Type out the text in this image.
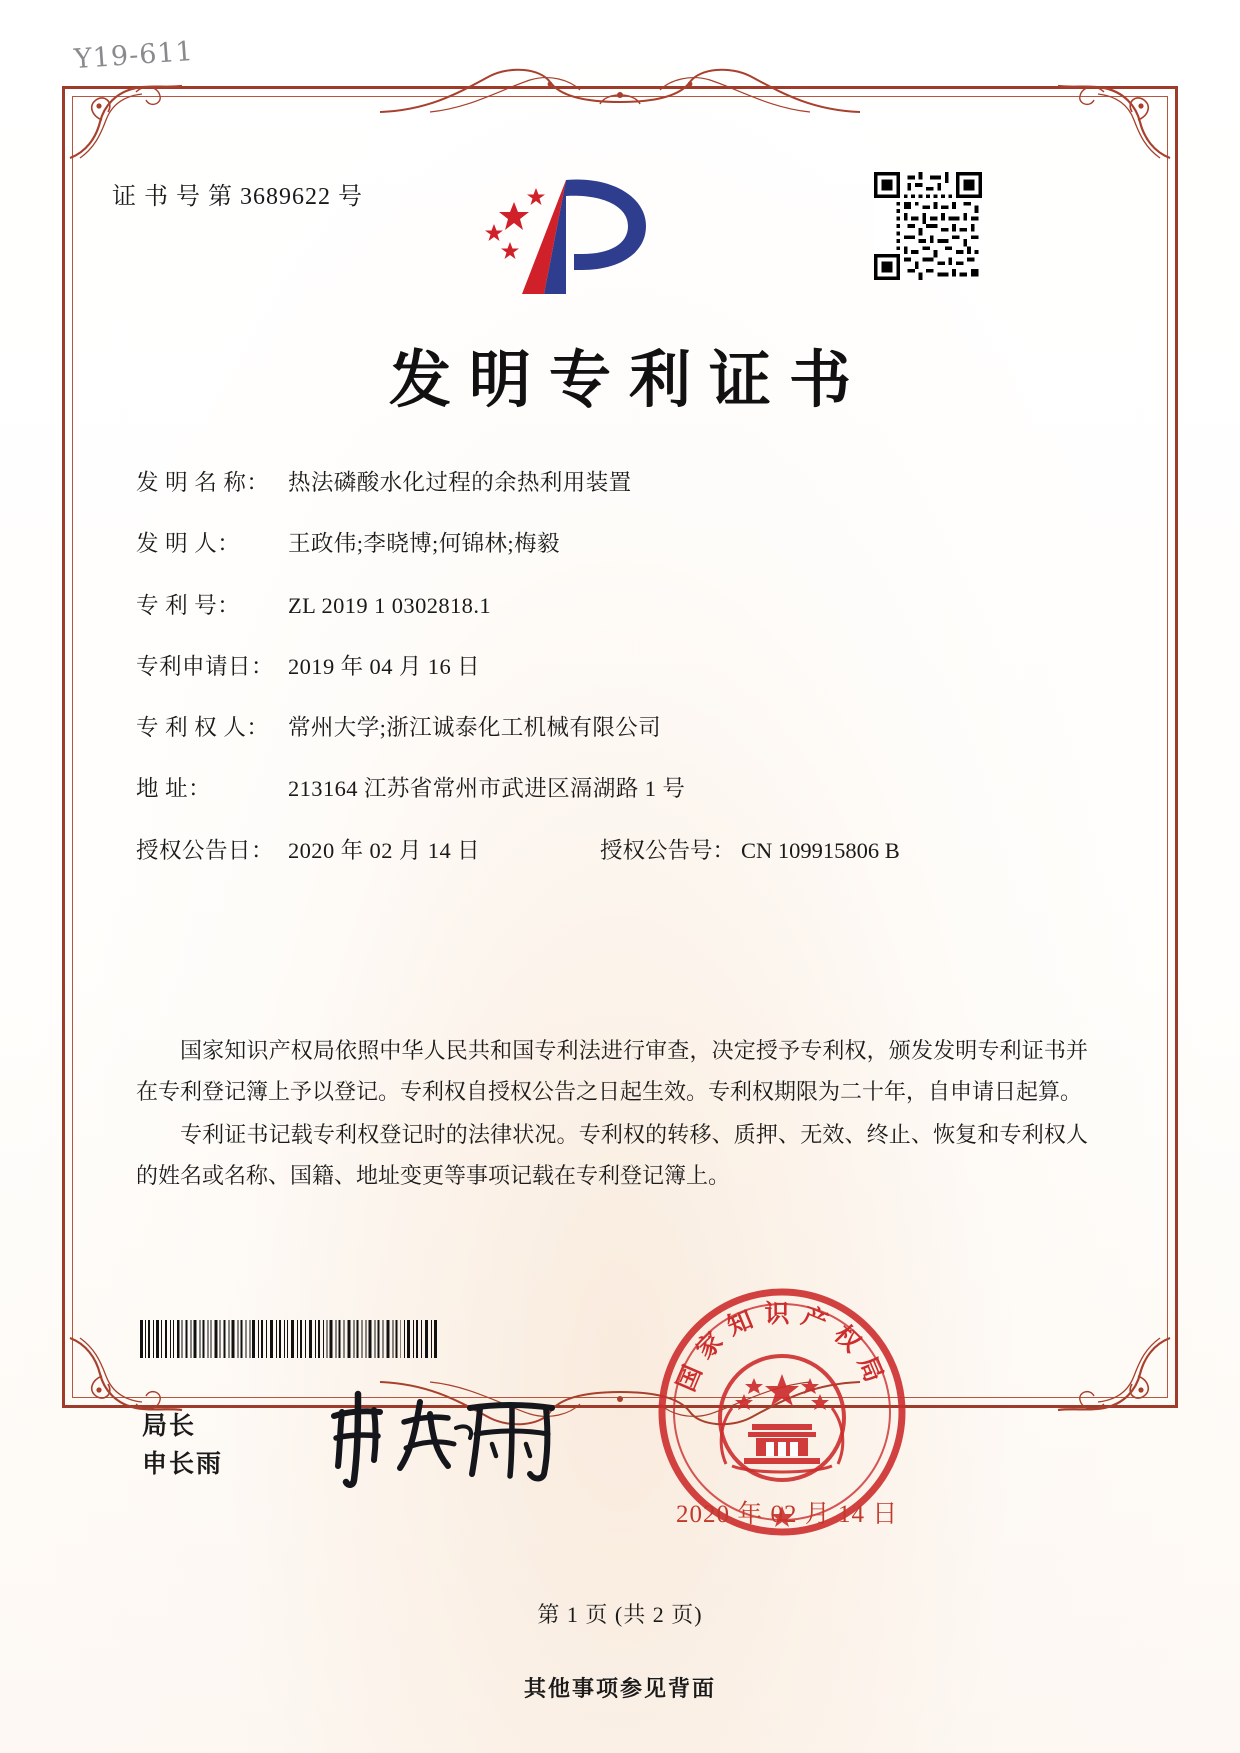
Y19-611
证 书 号 第 3689622 号
发明专利证书
发 明 名 称： 热法磷酸水化过程的余热利用装置
发 明 人：	王政伟;李晓博;何锦林;梅毅
专 利 号：	ZL 2019 1 0302818.1
专利申请日： 2019 年 04 月 16 日
专 利 权 人： 常州大学;浙江诚泰化工机械有限公司
地 址：	213164 江苏省常州市武进区滆湖路 1 号
授权公告日： 2020 年 02 月 14 日	授权公告号： CN 109915806 B

国家知识产权局依照中华人民共和国专利法进行审查，决定授予专利权，颁发发明专利证书并在专利登记簿上予以登记。专利权自授权公告之日起生效。专利权期限为二十年，自申请日起算。

专利证书记载专利权登记时的法律状况。专利权的转移、质押、无效、终止、恢复和专利权人的姓名或名称、国籍、地址变更等事项记载在专利登记簿上。

局长
申长雨
国家知识产权局
2020 年 02 月 14 日
第 1 页 (共 2 页)
其他事项参见背面
